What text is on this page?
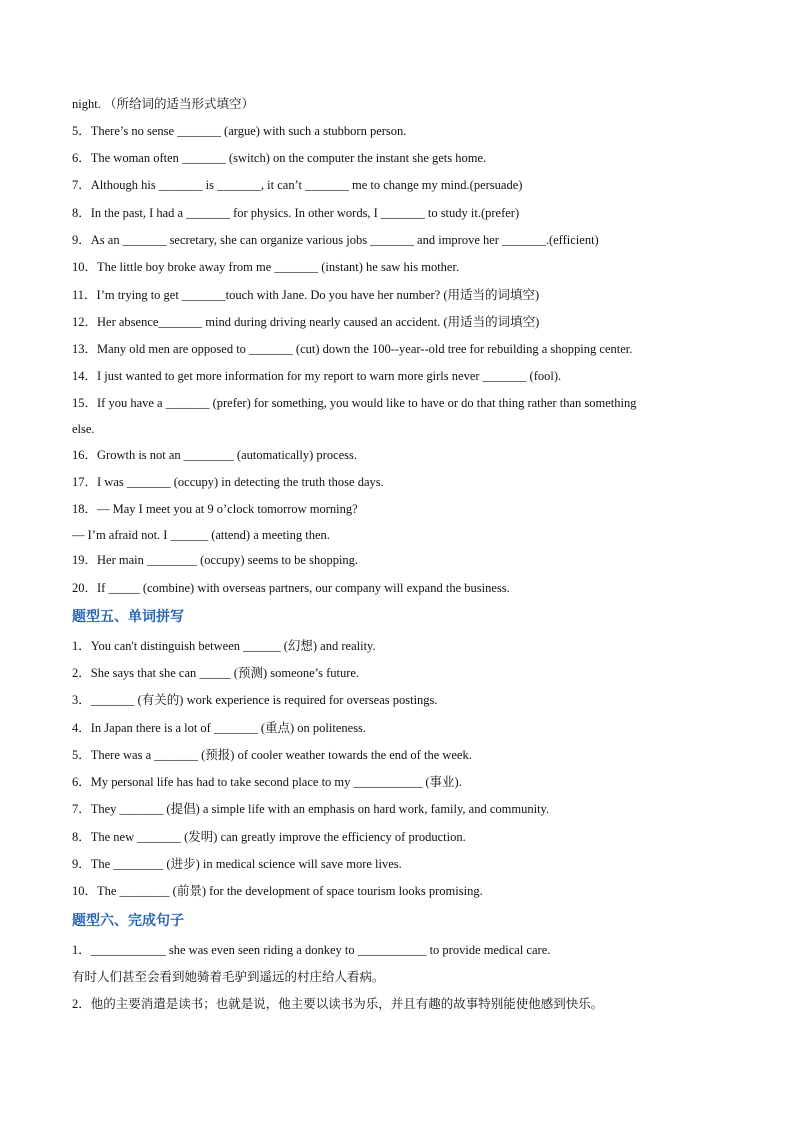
night. （所给词的适当形式填空）
5．There’s no sense _______ (argue) with such a stubborn person.
6．The woman often _______ (switch) on the computer the instant she gets home.
7．Although his _______ is _______, it can’t _______ me to change my mind.(persuade)
8．In the past, I had a _______ for physics. In other words, I _______ to study it.(prefer)
9．As an _______ secretary, she can organize various jobs _______ and improve her _______.(efficient)
10．The little boy broke away from me _______ (instant) he saw his mother.
11．I’m trying to get _______touch with Jane. Do you have her number? (用适当的词填空)
12．Her absence_______ mind during driving nearly caused an accident. (用适当的词填空)
13．Many old men are opposed to _______ (cut) down the 100--year--old tree for rebuilding a shopping center.
14．I just wanted to get more information for my report to warn more girls never _______ (fool).
15．If you have a _______ (prefer) for something, you would like to have or do that thing rather than something
else.
16．Growth is not an ________ (automatically) process.
17．I was _______ (occupy) in detecting the truth those days.
18．— May I meet you at 9 o’clock tomorrow morning?
— I’m afraid not. I ______ (attend) a meeting then.
19．Her main ________ (occupy) seems to be shopping.
20．If _____ (combine) with overseas partners, our company will expand the business.
题型五、单词拼写
1．You can't distinguish between ______ (幻想) and reality.
2．She says that she can _____ (预测) someone’s future.
3．_______ (有关的) work experience is required for overseas postings.
4．In Japan there is a lot of _______ (重点) on politeness.
5．There was a _______ (预报) of cooler weather towards the end of the week.
6．My personal life has had to take second place to my ___________ (事业).
7．They _______ (提倡) a simple life with an emphasis on hard work, family, and community.
8．The new _______ (发明) can greatly improve the efficiency of production.
9．The ________ (进步) in medical science will save more lives.
10．The ________ (前景) for the development of space tourism looks promising.
题型六、完成句子
1．____________ she was even seen riding a donkey to ___________ to provide medical care.
有时人们甚至会看到她骑着毛驴到遥远的村庄给人看病。
2．他的主要消遣是读书；也就是说，他主要以读书为乐，并且有趣的故事特别能使他感到快乐。
